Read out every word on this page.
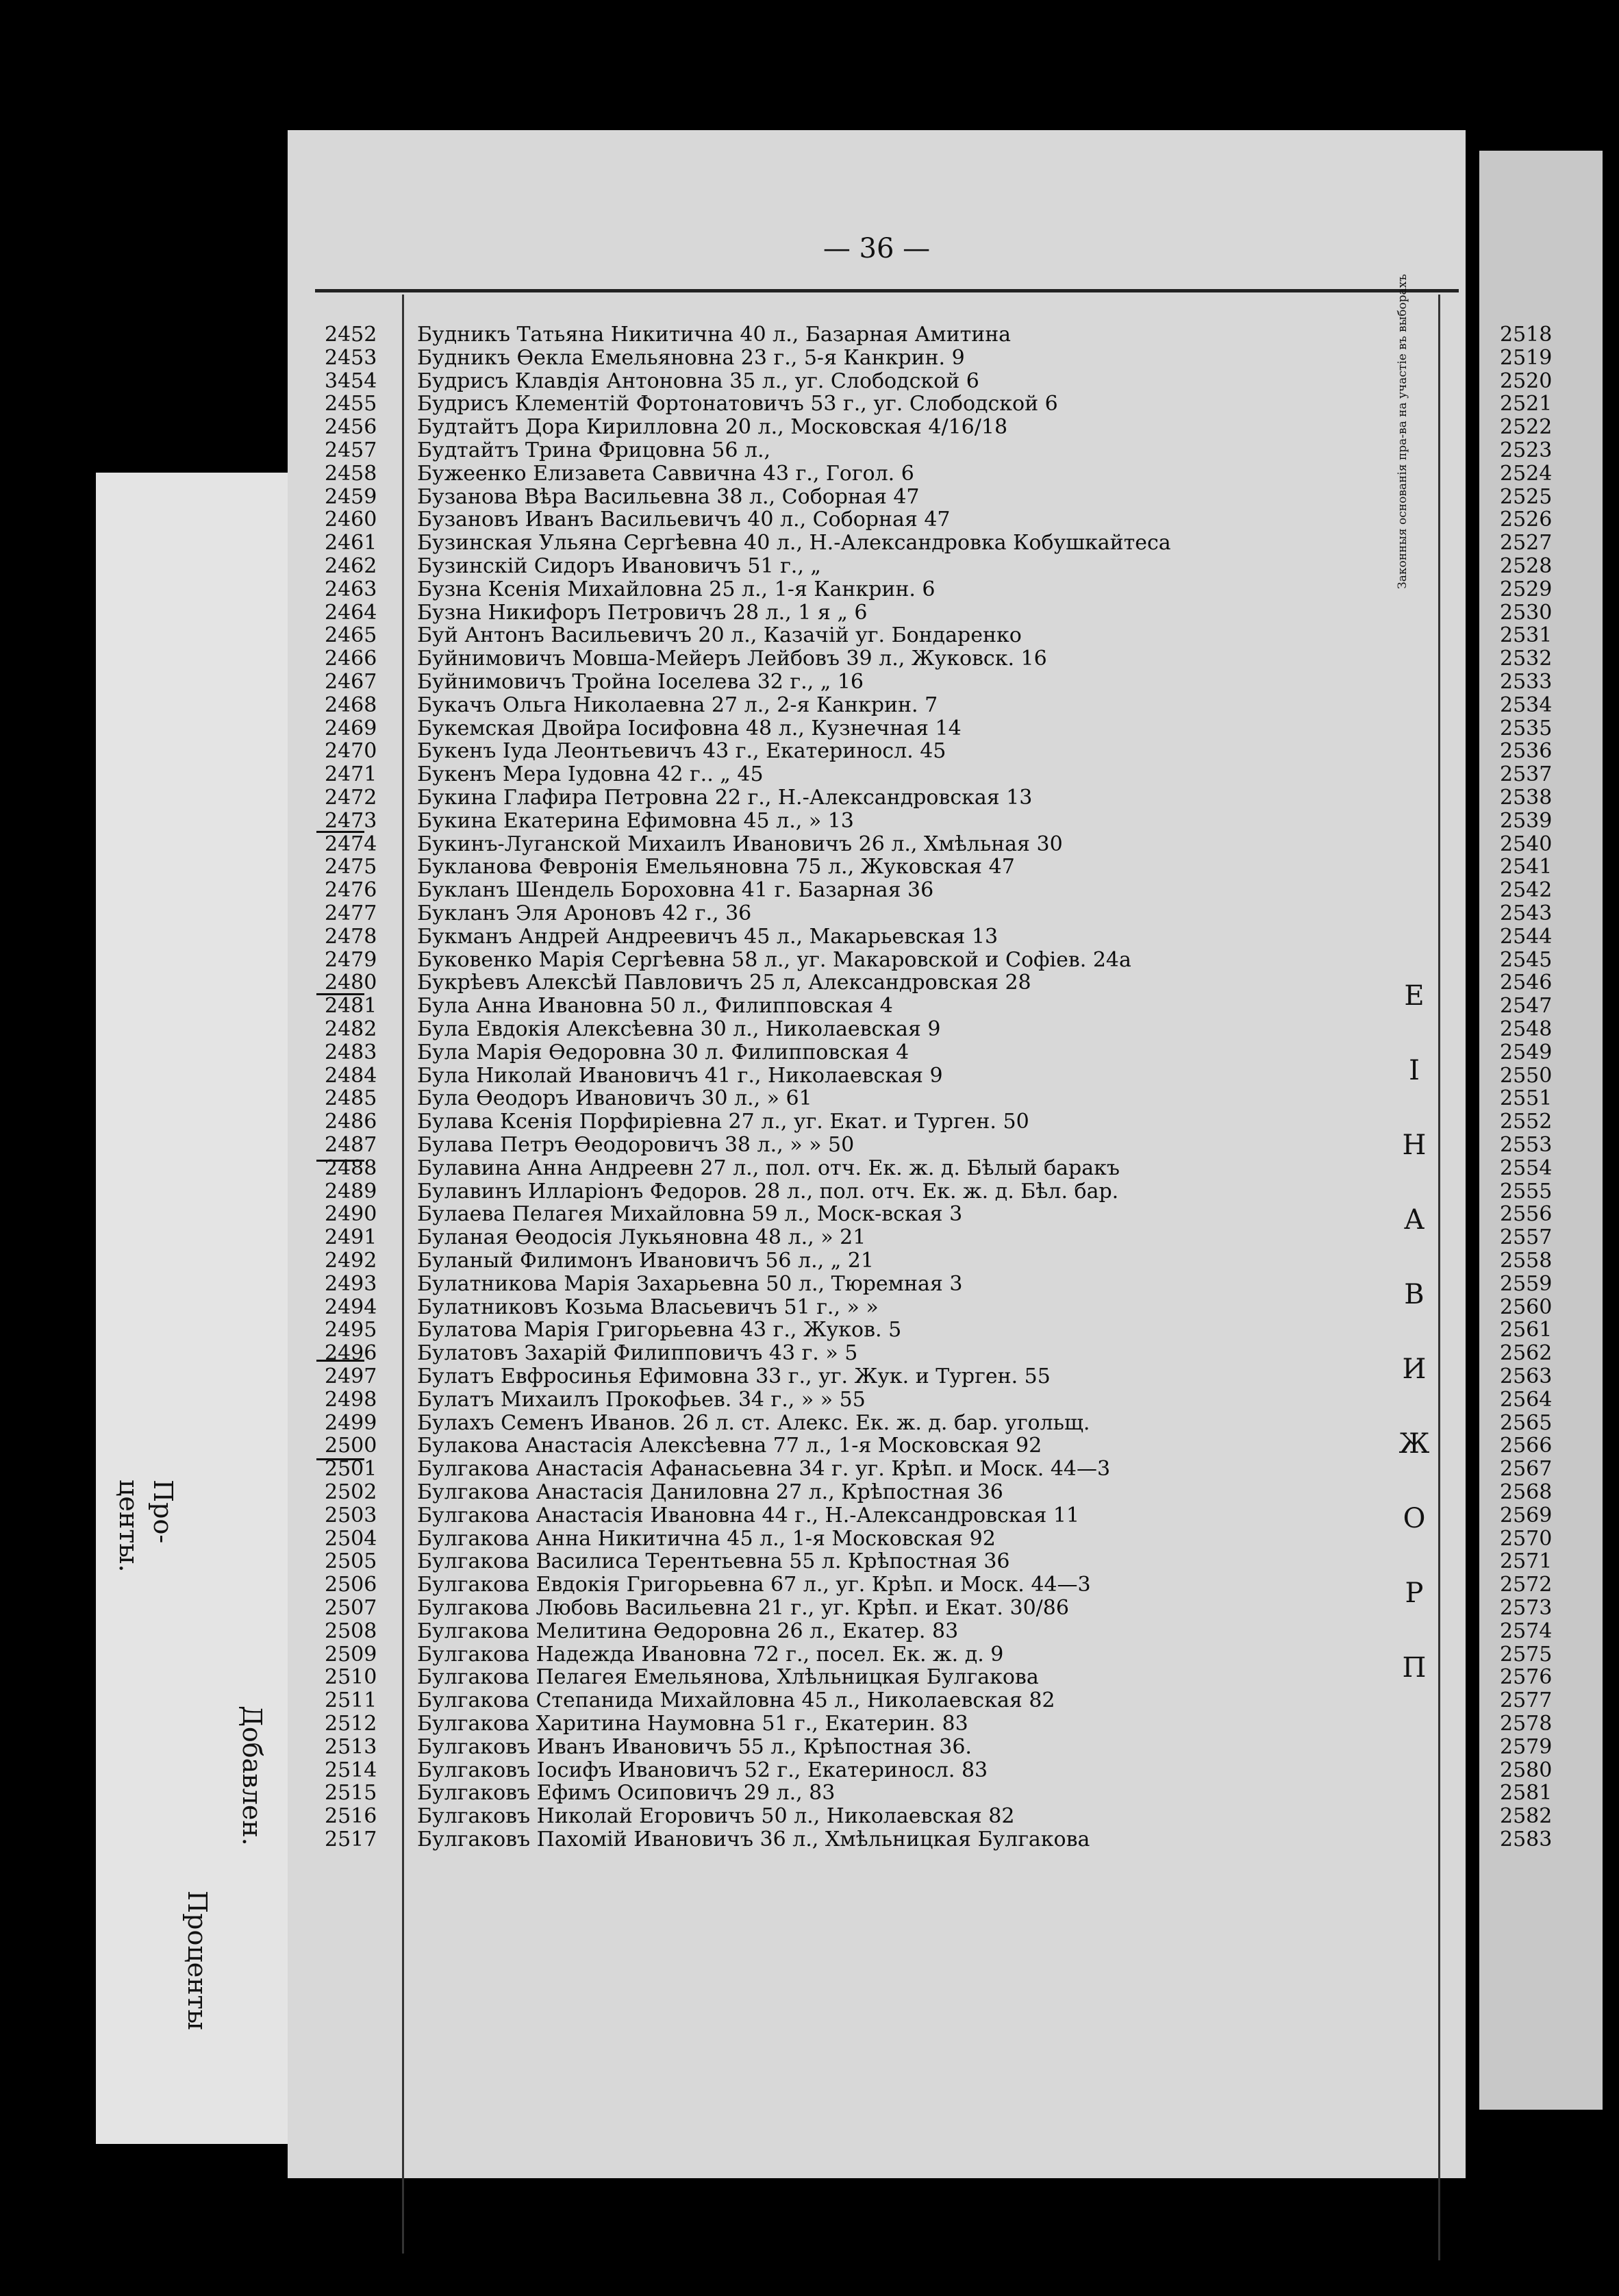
Про-
центы.
Проценты
Добавлен.
— 36 —
Законныя основанія пра-ва на участіе въ выборахъ
Е
І
Н
А
В
И
Ж
О
Р
П
2452 Будникъ Татьяна Никитична 40 л., Базарная Амитина
2453 Будникъ Өекла Емельяновна 23 г., 5-я Канкрин. 9
3454 Будрисъ Клавдія Антоновна 35 л., уг. Слободской 6
2455 Будрисъ Клементій Фортонатовичъ 53 г., уг. Слободской 6
2456 Будтайтъ Дора Кирилловна 20 л., Московская 4/16/18
2457 Будтайтъ Трина Фрицовна 56 л.,
2458 Бужеенко Елизавета Саввична 43 г., Гогол. 6
2459 Бузанова Вѣра Васильевна 38 л., Соборная 47
2460 Бузановъ Иванъ Васильевичъ 40 л., Соборная 47
2461 Бузинская Ульяна Сергѣевна 40 л., Н.-Александровка Кобушкайтеса
2462 Бузинскій Сидоръ Ивановичъ 51 г., „
2463 Бузна Ксенія Михайловна 25 л., 1-я Канкрин. 6
2464 Бузна Никифоръ Петровичъ 28 л., 1 я „ 6
2465 Буй Антонъ Васильевичъ 20 л., Казачій уг. Бондаренко
2466 Буйнимовичъ Мовша-Мейеръ Лейбовъ 39 л., Жуковск. 16
2467 Буйнимовичъ Тройна Іоселева 32 г., „ 16
2468 Букачъ Ольга Николаевна 27 л., 2-я Канкрин. 7
2469 Букемская Двойра Іосифовна 48 л., Кузнечная 14
2470 Букенъ Іуда Леонтьевичъ 43 г., Екатериносл. 45
2471 Букенъ Мера Іудовна 42 г.. „ 45
2472 Букина Глафира Петровна 22 г., Н.-Александровская 13
2473 Букина Екатерина Ефимовна 45 л., » 13
2474 Букинъ-Луганской Михаилъ Ивановичъ 26 л., Хмѣльная 30
2475 Букланова Февронія Емельяновна 75 л., Жуковская 47
2476 Букланъ Шендель Бороховна 41 г. Базарная 36
2477 Букланъ Эля Ароновъ 42 г., 36
2478 Букманъ Андрей Андреевичъ 45 л., Макарьевская 13
2479 Буковенко Марія Сергѣевна 58 л., уг. Макаровской и Софіев. 24а
2480 Букрѣевъ Алексѣй Павловичъ 25 л, Александровская 28
2481 Була Анна Ивановна 50 л., Филипповская 4
2482 Була Евдокія Алексѣевна 30 л., Николаевская 9
2483 Була Марія Өедоровна 30 л. Филипповская 4
2484 Була Николай Ивановичъ 41 г., Николаевская 9
2485 Була Өеодоръ Ивановичъ 30 л., » 61
2486 Булава Ксенія Порфиріевна 27 л., уг. Екат. и Турген. 50
2487 Булава Петръ Өеодоровичъ 38 л., » » 50
2488 Булавина Анна Андреевн 27 л., пол. отч. Ек. ж. д. Бѣлый баракъ
2489 Булавинъ Илларіонъ Федоров. 28 л., пол. отч. Ек. ж. д. Бѣл. бар.
2490 Булаева Пелагея Михайловна 59 л., Моск-вская 3
2491 Буланая Өеодосія Лукьяновна 48 л., » 21
2492 Буланый Филимонъ Ивановичъ 56 л., „ 21
2493 Булатникова Марія Захарьевна 50 л., Тюремная 3
2494 Булатниковъ Козьма Власьевичъ 51 г., » »
2495 Булатова Марія Григорьевна 43 г., Жуков. 5
2496 Булатовъ Захарій Филипповичъ 43 г. » 5
2497 Булатъ Евфросинья Ефимовна 33 г., уг. Жук. и Турген. 55
2498 Булатъ Михаилъ Прокофьев. 34 г., » » 55
2499 Булахъ Семенъ Иванов. 26 л. ст. Алекс. Ек. ж. д. бар. угольщ.
2500 Булакова Анастасія Алексѣевна 77 л., 1-я Московская 92
2501 Булгакова Анастасія Афанасьевна 34 г. уг. Крѣп. и Моск. 44—3
2502 Булгакова Анастасія Даниловна 27 л., Крѣпостная 36
2503 Булгакова Анастасія Ивановна 44 г., Н.-Александровская 11
2504 Булгакова Анна Никитична 45 л., 1-я Московская 92
2505 Булгакова Василиса Терентьевна 55 л. Крѣпостная 36
2506 Булгакова Евдокія Григорьевна 67 л., уг. Крѣп. и Моск. 44—3
2507 Булгакова Любовь Васильевна 21 г., уг. Крѣп. и Екат. 30/86
2508 Булгакова Мелитина Өедоровна 26 л., Екатер. 83
2509 Булгакова Надежда Ивановна 72 г., посел. Ек. ж. д. 9
2510 Булгакова Пелагея Емельянова, Хлѣльницкая Булгакова
2511 Булгакова Степанида Михайловна 45 л., Николаевская 82
2512 Булгакова Харитина Наумовна 51 г., Екатерин. 83
2513 Булгаковъ Иванъ Ивановичъ 55 л., Крѣпостная 36.
2514 Булгаковъ Іосифъ Ивановичъ 52 г., Екатериносл. 83
2515 Булгаковъ Ефимъ Осиповичъ 29 л., 83
2516 Булгаковъ Николай Егоровичъ 50 л., Николаевская 82
2517 Булгаковъ Пахомій Ивановичъ 36 л., Хмѣльницкая Булгакова
2518
2519
2520
2521
2522
2523
2524
2525
2526
2527
2528
2529
2530
2531
2532
2533
2534
2535
2536
2537
2538
2539
2540
2541
2542
2543
2544
2545
2546
2547
2548
2549
2550
2551
2552
2553
2554
2555
2556
2557
2558
2559
2560
2561
2562
2563
2564
2565
2566
2567
2568
2569
2570
2571
2572
2573
2574
2575
2576
2577
2578
2579
2580
2581
2582
2583
